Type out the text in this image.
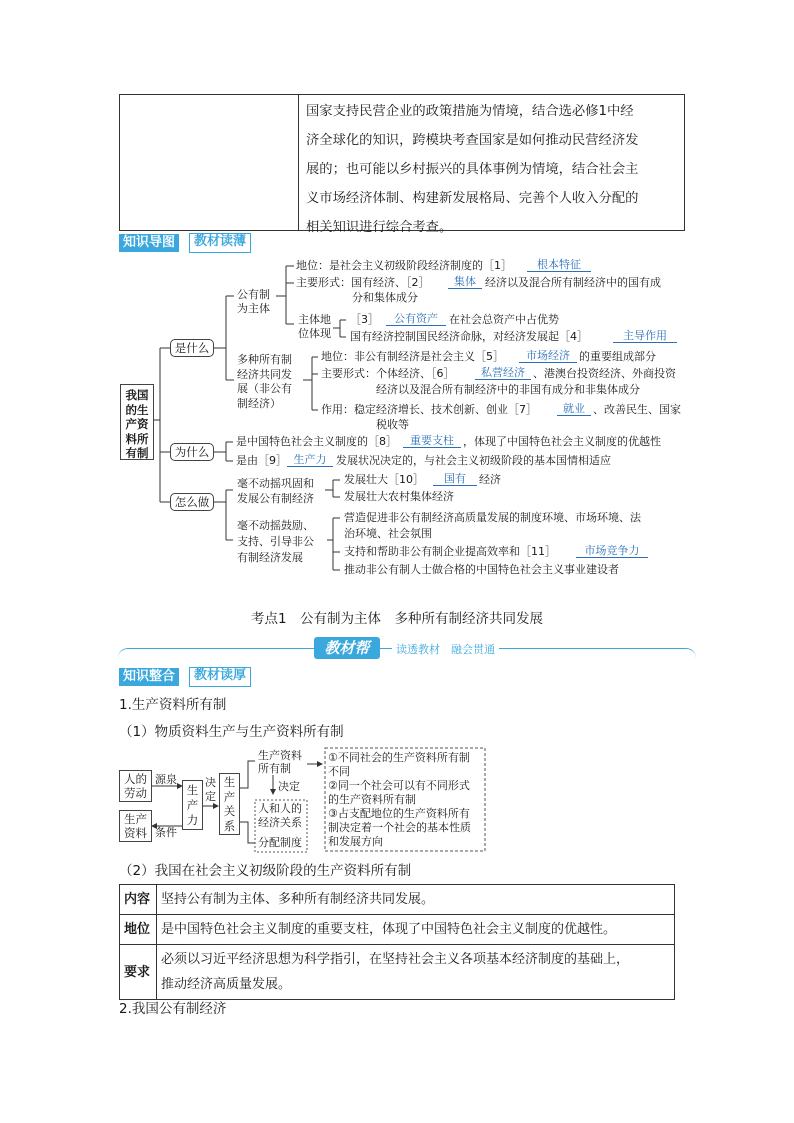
国家支持民营企业的政策措施为情境，结合选必修1中经
济全球化的知识，跨模块考查国家是如何推动民营经济发
展的；也可能以乡村振兴的具体事例为情境，结合社会主
义市场经济体制、构建新发展格局、完善个人收入分配的
相关知识进行综合考查。
知识导图	教材读薄
我国
的生
产资
料所
有制
是什么
为什么
怎么做
公有制
为主体
地位：是社会主义初级阶段经济制度的［1］	根本特征
主要形式：国有经济、［2］	集体 经济以及混合所有制经济中的国有成
分和集体成分
主体地
位体现
［3］	公有资产	在社会总资产中占优势
国有经济控制国民经济命脉，对经济发展起［4］	主导作用
多种所有制
经济共同发
展（非公有
制经济）
地位：非公有制经济是社会主义［5］	市场经济 的重要组成部分
主要形式：个体经济、［6］	私营经济 、港澳台投资经济、外商投资
经济以及混合所有制经济中的非国有成分和非集体成分
作用：稳定经济增长、技术创新、创业［7］	就业 、改善民生、国家
税收等
是中国特色社会主义制度的［8］	重要支柱 ，体现了中国特色社会主义制度的优越性
是由［9］ 生产力 发展状况决定的，与社会主义初级阶段的基本国情相适应
毫不动摇巩固和
发展公有制经济
发展壮大［10］	国有	经济
发展壮大农村集体经济
毫不动摇鼓励、
支持、引导非公
有制经济发展
营造促进非公有制经济高质量发展的制度环境、市场环境、法
治环境、社会氛围
支持和帮助非公有制企业提高效率和［11］	市场竞争力
推动非公有制人士做合格的中国特色社会主义事业建设者
考点1　公有制为主体　多种所有制经济共同发展
教材帮	读透教材　融会贯通
知识整合	教材读厚
1.生产资料所有制
（1）物质资料生产与生产资料所有制
人的
劳动
生产
资料
源泉
条件
生
产
力
决
定
生
产
关
系
生产资料
所有制
决定
人和人的
经济关系
分配制度
①不同社会的生产资料所有制
不同
②同一个社会可以有不同形式
的生产资料所有制
③占支配地位的生产资料所有
制决定着一个社会的基本性质
和发展方向
（2）我国在社会主义初级阶段的生产资料所有制
内容	坚持公有制为主体、多种所有制经济共同发展。
地位	是中国特色社会主义制度的重要支柱，体现了中国特色社会主义制度的优越性。
要求	必须以习近平经济思想为科学指引，在坚持社会主义各项基本经济制度的基础上，
推动经济高质量发展。
2.我国公有制经济
